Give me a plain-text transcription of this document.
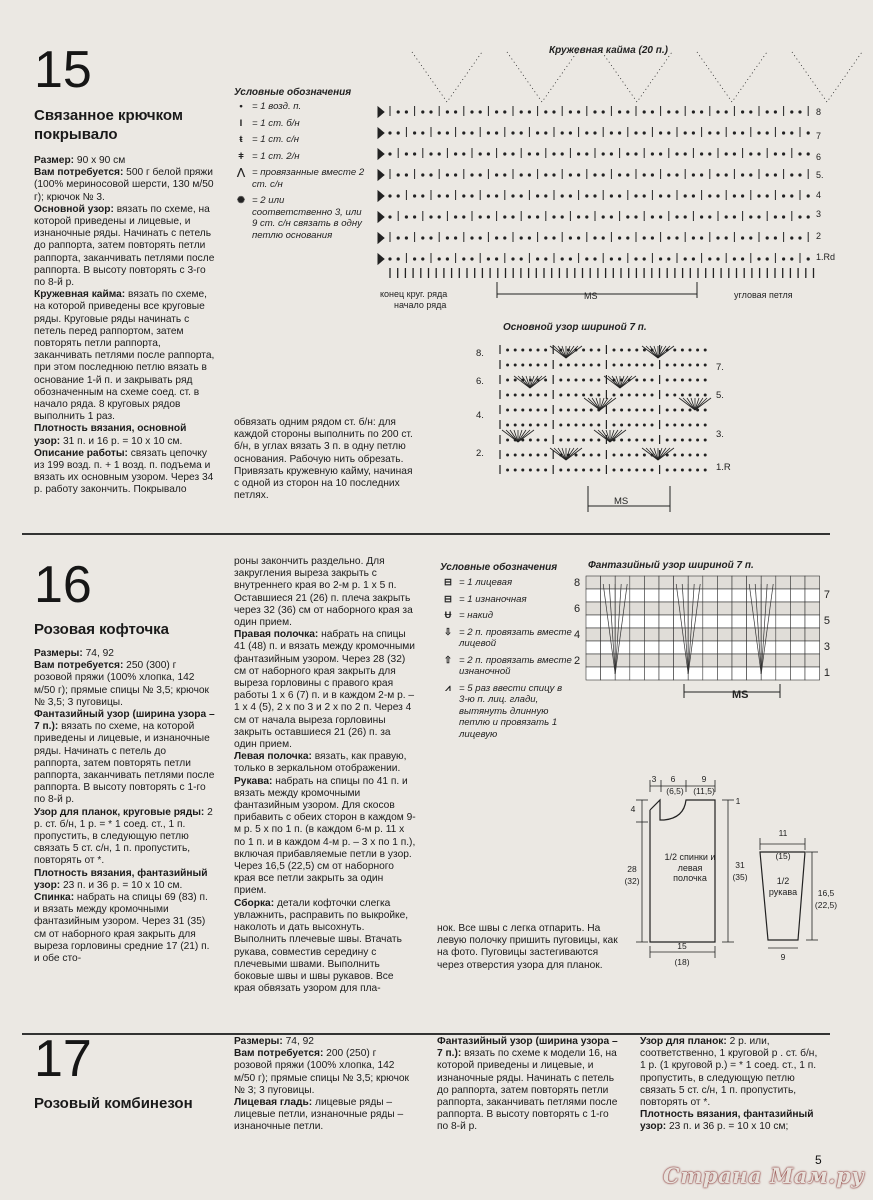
15
Связанное крючком покрывало

Размер: 90 х 90 см

Вам потребуется: 500 г белой пряжи (100% мериносовой шерсти, 130 м/50 г); крючок № 3.

Основной узор: вязать по схеме, на которой приведены и лицевые, и изнаночные ряды. Начинать с петель до раппорта, затем повторять петли раппорта, заканчивать петлями после раппорта. В высоту повторять с 3-го по 8-й р.

Кружевная кайма: вязать по схеме, на которой приведены все круговые ряды. Круговые ряды начинать с петель перед раппортом, затем повторять петли раппорта, заканчивать петлями после раппорта, при этом последнюю петлю вязать в основание 1-й п. и закрывать ряд обозначенным на схеме соед. ст. в начало ряда. 8 круговых рядов выполнить 1 раз.

Плотность вязания, основной узор: 31 п. и 16 р. = 10 х 10 см.

Описание работы: связать цепочку из 199 возд. п. + 1 возд. п. подъема и вязать их основным узором. Через 34 р. работу закончить. Покрывало

обвязать одним рядом ст. б/н: для каждой стороны выполнить по 200 ст. б/н, в углах вязать 3 п. в одну петлю основания. Рабочую нить обрезать. Привязать кружевную кайму, начиная с одной из сторон на 10 последних петлях.
Условные обозначения
• = 1 возд. п.
I	= 1 ст. б/н
ŧ = 1 ст. с/н
ǂ = 1 ст. 2/н
⋀ = провязанные вместе 2 ст. с/н
✺ = 2 или соответственно 3, или 9 ст. с/н связать в одну петлю основания
Кружевная кайма (20 п.)
8
7
6
5.
4
3
2
1.Rd
конец круг. ряда
начало ряда
MS	угловая петля
Основной узор шириной 7 п.
8.
6.
4.
2.
7.
5.
3.
1.R
MS
16
Розовая кофточка

Размеры: 74, 92

Вам потребуется: 250 (300) г розовой пряжи (100% хлопка, 142 м/50 г); прямые спицы № 3,5; крючок № 3,5; 3 пуговицы.

Фантазийный узор (ширина узора – 7 п.): вязать по схеме, на которой приведены и лицевые, и изнаночные ряды. Начинать с петель до раппорта, затем повторять петли раппорта, заканчивать петлями после раппорта. В высоту повторять с 1-го по 8-й р.

Узор для планок, круговые ряды: 2 р. ст. б/н, 1 р. = * 1 соед. ст., 1 п. пропустить, в следующую петлю связать 5 ст. с/н, 1 п. пропустить, повторять от *.

Плотность вязания, фантазийный узор: 23 п. и 36 р. = 10 х 10 см.

Спинка: набрать на спицы 69 (83) п. и вязать между кромочными фантазийным узором. Через 31 (35) см от наборного края закрыть для выреза горловины средние 17 (21) п. и обе сто-

роны закончить раздельно. Для закругления выреза закрыть с внутреннего края во 2-м р. 1 х 5 п. Оставшиеся 21 (26) п. плеча закрыть через 32 (36) см от наборного края за один прием.

Правая полочка: набрать на спицы 41 (48) п. и вязать между кромочными фантазийным узором. Через 28 (32) см от наборного края закрыть для выреза горловины с правого края работы 1 х 6 (7) п. и в каждом 2-м р. – 1 х 4 (5), 2 х по 3 и 2 х по 2 п. Через 4 см от начала выреза горловины закрыть оставшиеся 21 (26) п. за один прием.

Левая полочка: вязать, как правую, только в зеркальном отображении.

Рукава: набрать на спицы по 41 п. и вязать между кромочными фантазийным узором. Для скосов прибавить с обеих сторон в каждом 9-м р. 5 х по 1 п. (в каждом 6-м р. 11 х по 1 п. и в каждом 4-м р. – 3 х по 1 п.), включая прибавляемые петли в узор. Через 16,5 (22,5) см от наборного края все петли закрыть за один прием.

Сборка: детали кофточки слегка увлажнить, расправить по выкройке, наколоть и дать высохнуть. Выполнить плечевые швы. Втачать рукава, совместив середину с плечевыми швами. Выполнить боковые швы и швы рукавов. Все края обвязать узором для пла-

нок. Все швы с легка отпарить. На левую полочку пришить пуговицы, как на фото. Пуговицы застегиваются через отверстия узора для планок.
Условные обозначения
⊟ = 1 лицевая
⊟ = 1 изнаночная
Ʉ = накид
⇩ = 2 п. провязать вместе лицевой
⇧ = 2 п. провязать вместе изнаночной
⩘ = 5 раз ввести спицу в 3-ю п. лиц. глади, вытянуть длинную петлю и провязать 1 лицевую
Фантазийный узор шириной 7 п.
8
6
4
2
7
5
3
1
MS
3 6
(6,5)
9
(11,5)
4
28
(32)
31
(35)
1
15
(18)
11
(15)
16,5
(22,5)
9
1/2 спинки и левая полочка	1/2 рукава
17
Розовый комбинезон

Размеры: 74, 92

Вам потребуется: 200 (250) г розовой пряжи (100% хлопка, 142 м/50 г); прямые спицы № 3,5; крючок № 3; 3 пуговицы.

Лицевая гладь: лицевые ряды – лицевые петли, изнаночные ряды – изнаночные петли.

Фантазийный узор (ширина узора – 7 п.): вязать по схеме к модели 16, на которой приведены и лицевые, и изнаночные ряды. Начинать с петель до раппорта, затем повторять петли раппорта, заканчивать петлями после раппорта. В высоту повторять с 1-го по 8-й р.

Узор для планок: 2 р. или, соответственно, 1 круговой р . ст. б/н, 1 р. (1 круговой р.) = * 1 соед. ст., 1 п. пропустить, в следующую петлю связать 5 ст. с/н, 1 п. пропустить, повторять от *.

Плотность вязания, фантазийный узор: 23 п. и 36 р. = 10 х 10 см;

5
Страна Мам.ру
